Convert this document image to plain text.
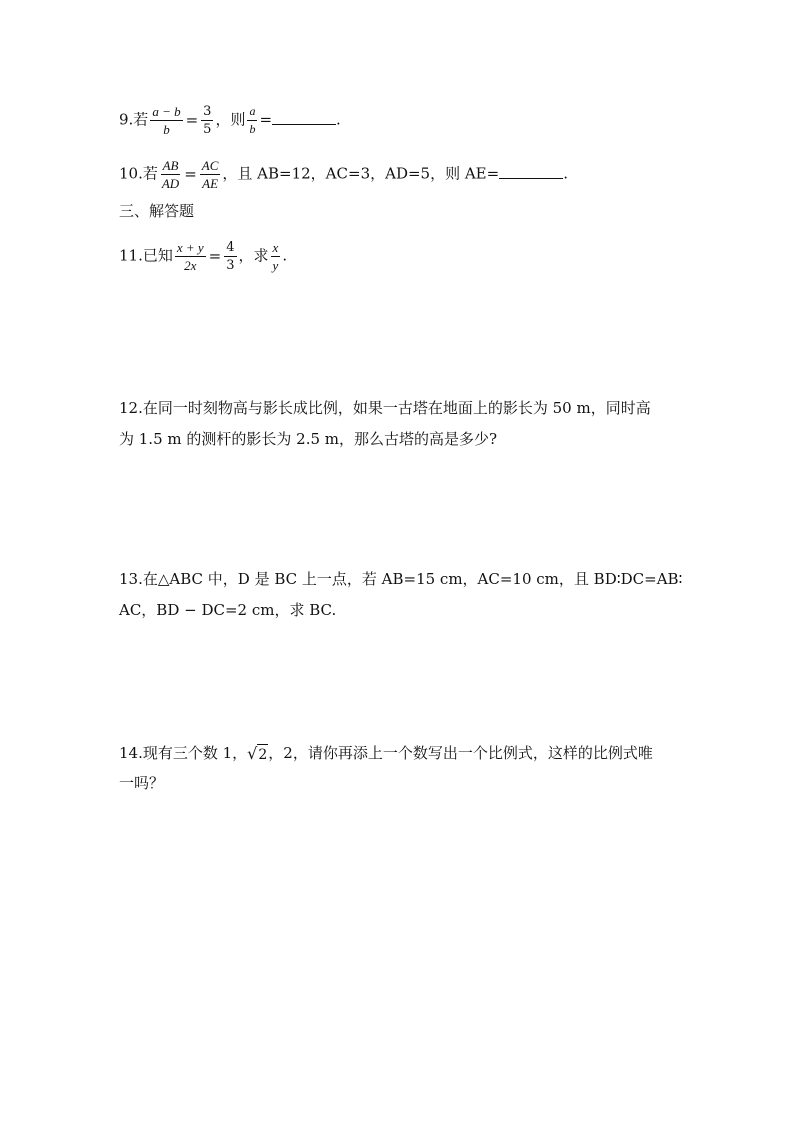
9.若 $\frac{a - b}{b} = \frac{3}{5}$ ，则 $\frac{a}{b}$ =	.
10.若 $\frac{AB}{AD} = \frac{AC}{AE}$ ，且 AB=12，AC=3，AD=5，则 AE=	.
三、解答题
11.已知 $\frac{x + y}{2x} = \frac{4}{3}$ ，求 $\frac{x}{y}$ .
12.在同一时刻物高与影长成比例，如果一古塔在地面上的影长为 50 m，同时高
为 1.5 m 的测杆的影长为 2.5 m，那么古塔的高是多少?
13.在△ABC 中，D 是 BC 上一点，若 AB=15 cm，AC=10 cm，且 BD∶DC=AB∶
AC，BD − DC=2 cm，求 BC.
14.现有三个数 1， √ 2 ，2，请你再添上一个数写出一个比例式，这样的比例式唯
一吗？
